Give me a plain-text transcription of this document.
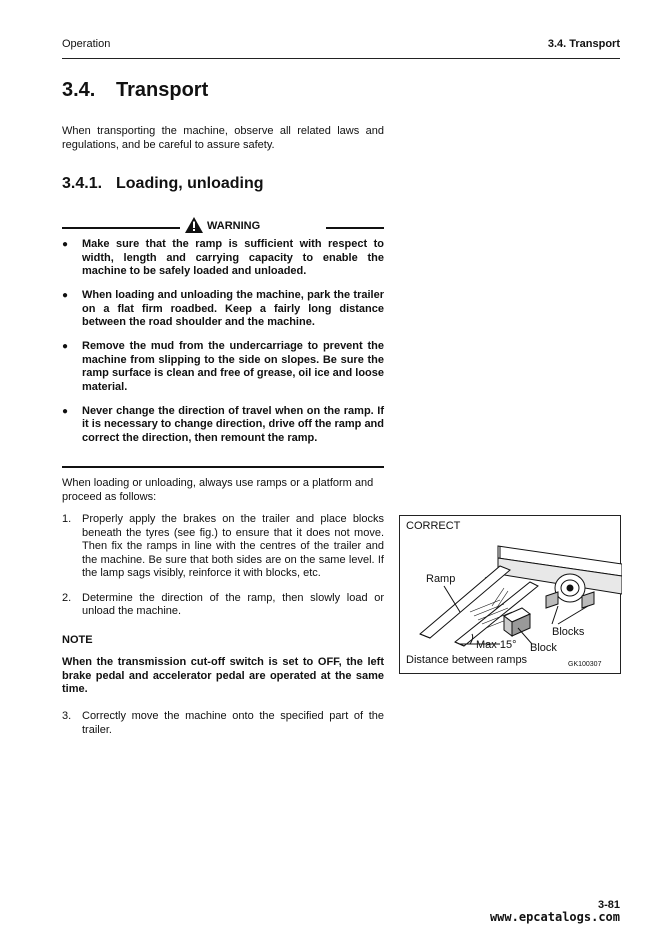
Operation	3.4. Transport
3.4. Transport

When transporting the machine, observe all related laws and regulations, and be careful to assure safety.

3.4.1. Loading, unloading
WARNING
● Make sure that the ramp is sufficient with respect to width, length and carrying capacity to enable the machine to be safely loaded and unloaded.
● When loading and unloading the machine, park the trailer on a flat firm roadbed. Keep a fairly long distance between the road shoulder and the machine.
● Remove the mud from the undercarriage to prevent the machine from slipping to the side on slopes. Be sure the ramp surface is clean and free of grease, oil ice and loose material.
● Never change the direction of travel when on the ramp. If it is necessary to change direction, drive off the ramp and correct the direction, then remount the ramp.

When loading or unloading, always use ramps or a platform and proceed as follows:

1. Properly apply the brakes on the trailer and place blocks beneath the tyres (see fig.) to ensure that it does not move. Then fix the ramps in line with the centres of the trailer and the machine. Be sure that both sides are on the same level. If the lamp sags visibly, reinforce it with blocks, etc.
2. Determine the direction of the ramp, then slowly load or unload the machine.
NOTE

When the transmission cut-off switch is set to OFF, the left brake pedal and accelerator pedal are operated at the same time.

3. Correctly move the machine onto the specified part of the trailer.
CORRECT
Ramp
Blocks
Block
Max 15°
Distance between ramps	GK100307
3-81
www.epcatalogs.com
